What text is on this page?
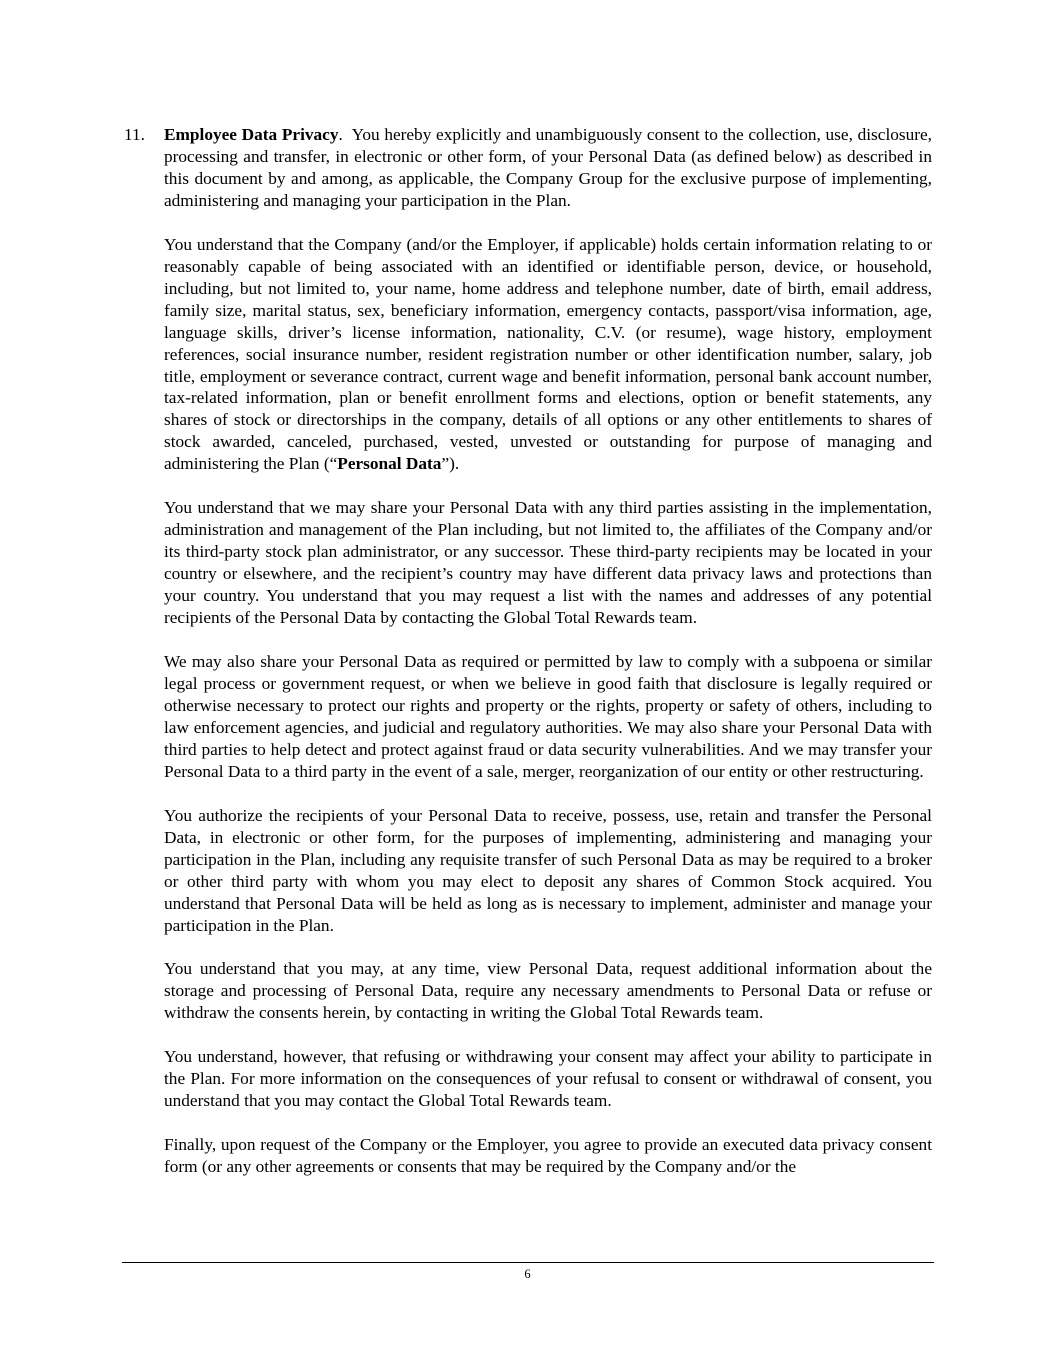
11. Employee Data Privacy. You hereby explicitly and unambiguously consent to the collection, use, disclosure, processing and transfer, in electronic or other form, of your Personal Data (as defined below) as described in this document by and among, as applicable, the Company Group for the exclusive purpose of implementing, administering and managing your participation in the Plan.

You understand that the Company (and/or the Employer, if applicable) holds certain information relating to or reasonably capable of being associated with an identified or identifiable person, device, or household, including, but not limited to, your name, home address and telephone number, date of birth, email address, family size, marital status, sex, beneficiary information, emergency contacts, passport/visa information, age, language skills, driver’s license information, nationality, C.V. (or resume), wage history, employment references, social insurance number, resident registration number or other identification number, salary, job title, employment or severance contract, current wage and benefit information, personal bank account number, tax-related information, plan or benefit enrollment forms and elections, option or benefit statements, any shares of stock or directorships in the company, details of all options or any other entitlements to shares of stock awarded, canceled, purchased, vested, unvested or outstanding for purpose of managing and administering the Plan (“Personal Data”).

You understand that we may share your Personal Data with any third parties assisting in the implementation, administration and management of the Plan including, but not limited to, the affiliates of the Company and/or its third-party stock plan administrator, or any successor. These third-party recipients may be located in your country or elsewhere, and the recipient’s country may have different data privacy laws and protections than your country. You understand that you may request a list with the names and addresses of any potential recipients of the Personal Data by contacting the Global Total Rewards team.

We may also share your Personal Data as required or permitted by law to comply with a subpoena or similar legal process or government request, or when we believe in good faith that disclosure is legally required or otherwise necessary to protect our rights and property or the rights, property or safety of others, including to law enforcement agencies, and judicial and regulatory authorities. We may also share your Personal Data with third parties to help detect and protect against fraud or data security vulnerabilities. And we may transfer your Personal Data to a third party in the event of a sale, merger, reorganization of our entity or other restructuring.

You authorize the recipients of your Personal Data to receive, possess, use, retain and transfer the Personal Data, in electronic or other form, for the purposes of implementing, administering and managing your participation in the Plan, including any requisite transfer of such Personal Data as may be required to a broker or other third party with whom you may elect to deposit any shares of Common Stock acquired. You understand that Personal Data will be held as long as is necessary to implement, administer and manage your participation in the Plan.

You understand that you may, at any time, view Personal Data, request additional information about the storage and processing of Personal Data, require any necessary amendments to Personal Data or refuse or withdraw the consents herein, by contacting in writing the Global Total Rewards team.

You understand, however, that refusing or withdrawing your consent may affect your ability to participate in the Plan. For more information on the consequences of your refusal to consent or withdrawal of consent, you understand that you may contact the Global Total Rewards team.

Finally, upon request of the Company or the Employer, you agree to provide an executed data privacy consent form (or any other agreements or consents that may be required by the Company and/or the

6
